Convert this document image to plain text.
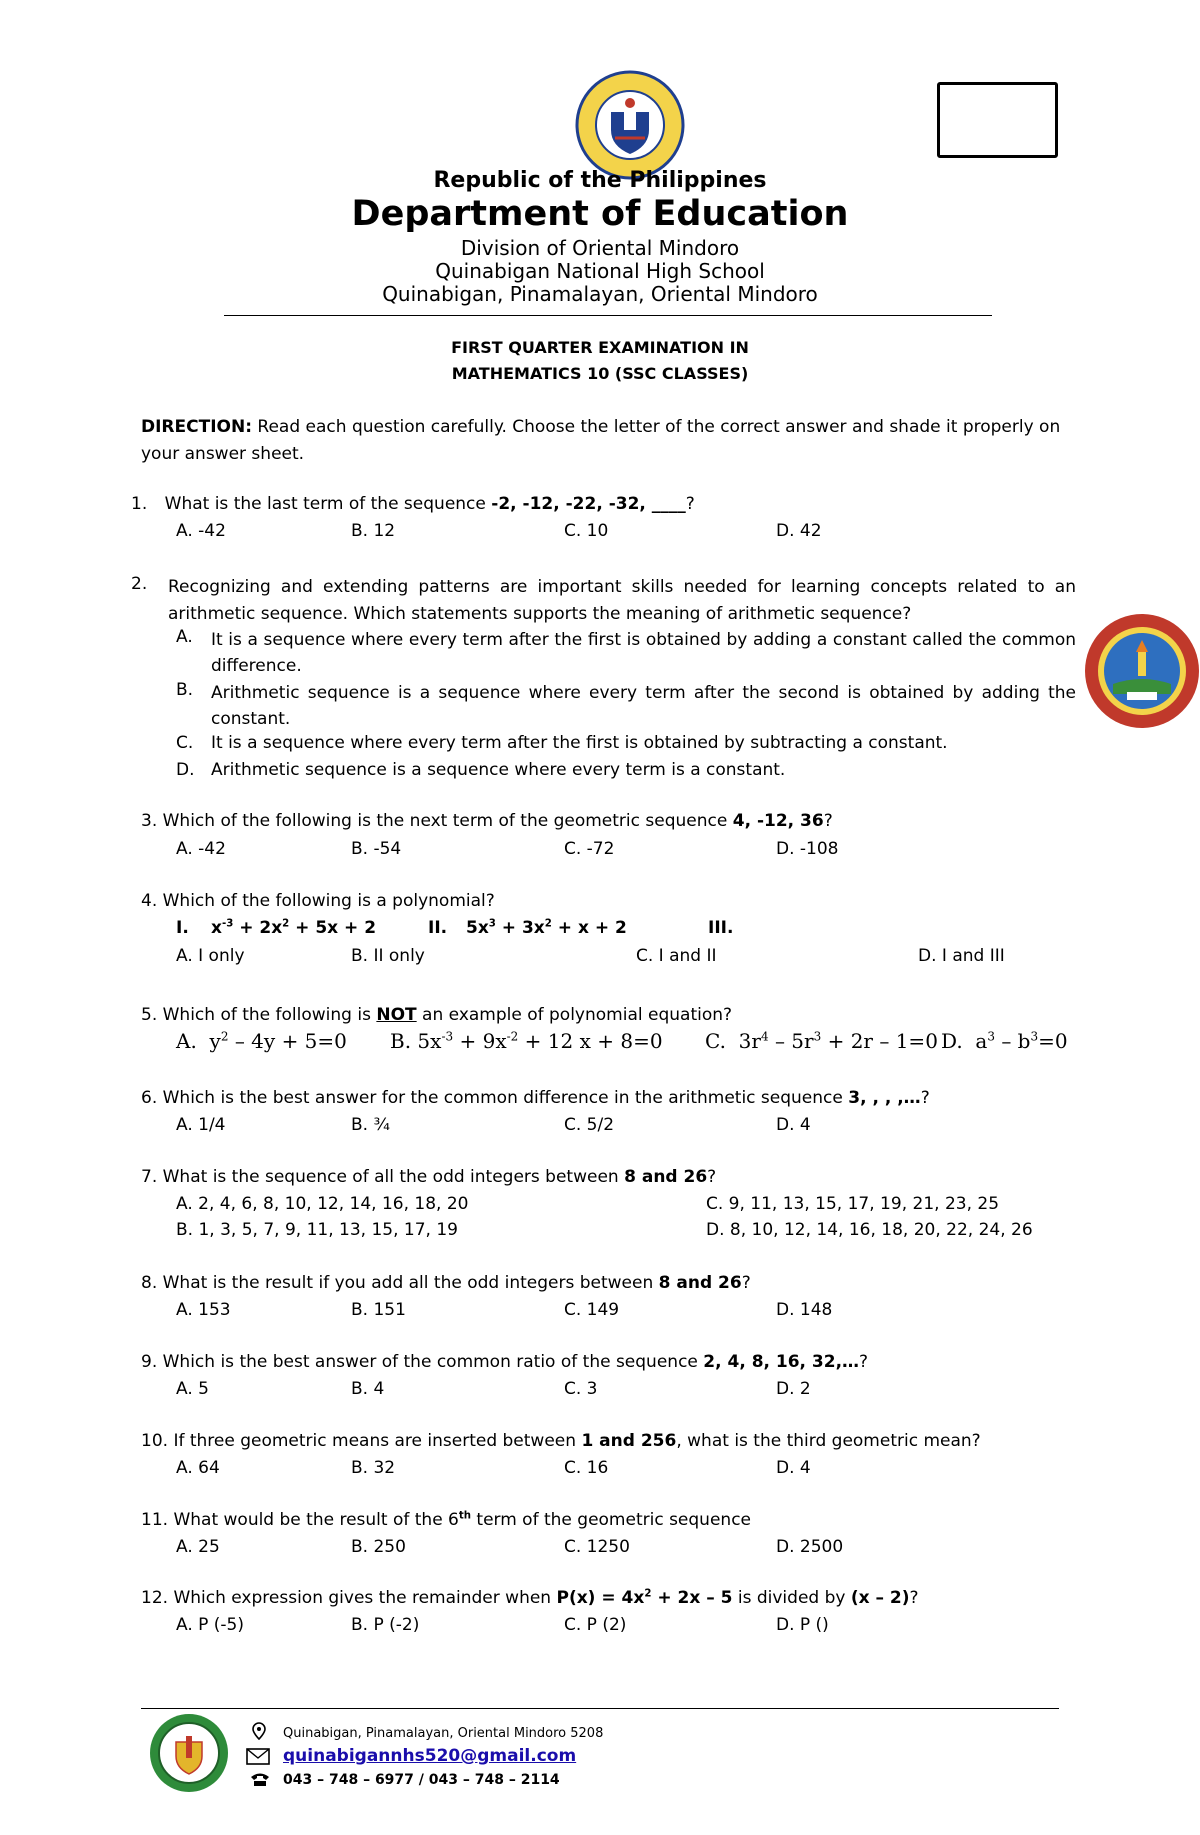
Republic of the Philippines
Department of Education
Division of Oriental Mindoro
Quinabigan National High School
Quinabigan, Pinamalayan, Oriental Mindoro
FIRST QUARTER EXAMINATION IN
MATHEMATICS 10 (SSC CLASSES)
DIRECTION: Read each question carefully. Choose the letter of the correct answer and shade it properly on your answer sheet.
1. What is the last term of the sequence -2, -12, -22, -32, ____?
A. -42	B. 12	C. 10	D. 42
2. Recognizing and extending patterns are important skills needed for learning concepts related to an arithmetic sequence. Which statements supports the meaning of arithmetic sequence?
A. It is a sequence where every term after the first is obtained by adding a constant called the common difference.
B. Arithmetic sequence is a sequence where every term after the second is obtained by adding the constant.
C. It is a sequence where every term after the first is obtained by subtracting a constant.
D. Arithmetic sequence is a sequence where every term is a constant.
3. Which of the following is the next term of the geometric sequence 4, -12, 36?
A. -42	B. -54	C. -72	D. -108
4. Which of the following is a polynomial?
I. $x^{-3} + 2x^2 + 5x + 2$	II. $5x^3 + 3x^2 + x + 2$	III.
A. I only	B. II only	C. I and II	D. I and III
5. Which of the following is NOT an example of polynomial equation?
A.  $y^2 - 4y + 5=0$ B. $5x^{-3} + 9x^{-2} + 12$ x + 8=0 C.  $3r^4 - 5r^3 + 2r - 1=0$ D.  $a^3 - b^3=0$
6. Which is the best answer for the common difference in the arithmetic sequence 3, , , ,…?
A. 1/4	B. ¾	C. 5/2	D. 4
7. What is the sequence of all the odd integers between 8 and 26?
A. 2, 4, 6, 8, 10, 12, 14, 16, 18, 20	C. 9, 11, 13, 15, 17, 19, 21, 23, 25
B. 1, 3, 5, 7, 9, 11, 13, 15, 17, 19	D. 8, 10, 12, 14, 16, 18, 20, 22, 24, 26
8. What is the result if you add all the odd integers between 8 and 26?
A. 153	B. 151	C. 149	D. 148
9. Which is the best answer of the common ratio of the sequence 2, 4, 8, 16, 32,…?
A. 5	B. 4	C. 3	D. 2
10. If three geometric means are inserted between 1 and 256, what is the third geometric mean?
A. 64	B. 32	C. 16	D. 4
11. What would be the result of the 6th term of the geometric sequence
A. 25	B. 250	C. 1250	D. 2500
12. Which expression gives the remainder when $P(x) = 4x^2 + 2x - 5$ is divided by (x – 2)?
A. P (-5)	B. P (-2)	C. P (2)	D. P ()
Quinabigan, Pinamalayan, Oriental Mindoro 5208
quinabigannhs520@gmail.com
043 – 748 – 6977 / 043 – 748 – 2114
